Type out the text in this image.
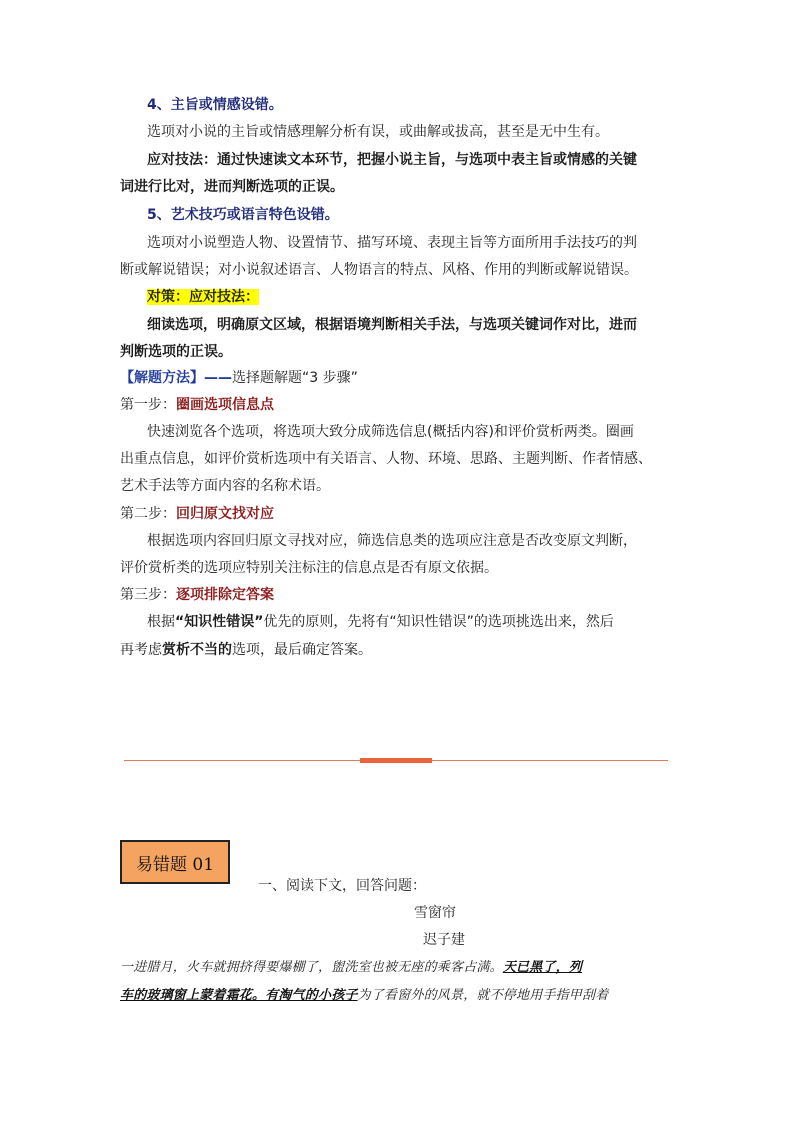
4、主旨或情感设错。
选项对小说的主旨或情感理解分析有误，或曲解或拔高，甚至是无中生有。
应对技法：通过快速读文本环节，把握小说主旨，与选项中表主旨或情感的关键
词进行比对，进而判断选项的正误。
5、艺术技巧或语言特色设错。
选项对小说塑造人物、设置情节、描写环境、表现主旨等方面所用手法技巧的判
断或解说错误；对小说叙述语言、人物语言的特点、风格、作用的判断或解说错误。
对策：应对技法：
细读选项，明确原文区域，根据语境判断相关手法，与选项关键词作对比，进而
判断选项的正误。
【解题方法】——选择题解题“3 步骤”
第一步：圈画选项信息点
快速浏览各个选项，将选项大致分成筛选信息(概括内容)和评价赏析两类。圈画
出重点信息，如评价赏析选项中有关语言、人物、环境、思路、主题判断、作者情感、
艺术手法等方面内容的名称术语。
第二步：回归原文找对应
根据选项内容回归原文寻找对应，筛选信息类的选项应注意是否改变原文判断，
评价赏析类的选项应特别关注标注的信息点是否有原文依据。
第三步：逐项排除定答案
根据“知识性错误”优先的原则，先将有“知识性错误”的选项挑选出来，然后
再考虑赏析不当的选项，最后确定答案。
易错题 01
一、阅读下文，回答问题：
雪窗帘
迟子建
一进腊月，火车就拥挤得要爆棚了，盥洗室也被无座的乘客占满。天已黑了，列
车的玻璃窗上蒙着霜花。有淘气的小孩子为了看窗外的风景，就不停地用手指甲刮着
